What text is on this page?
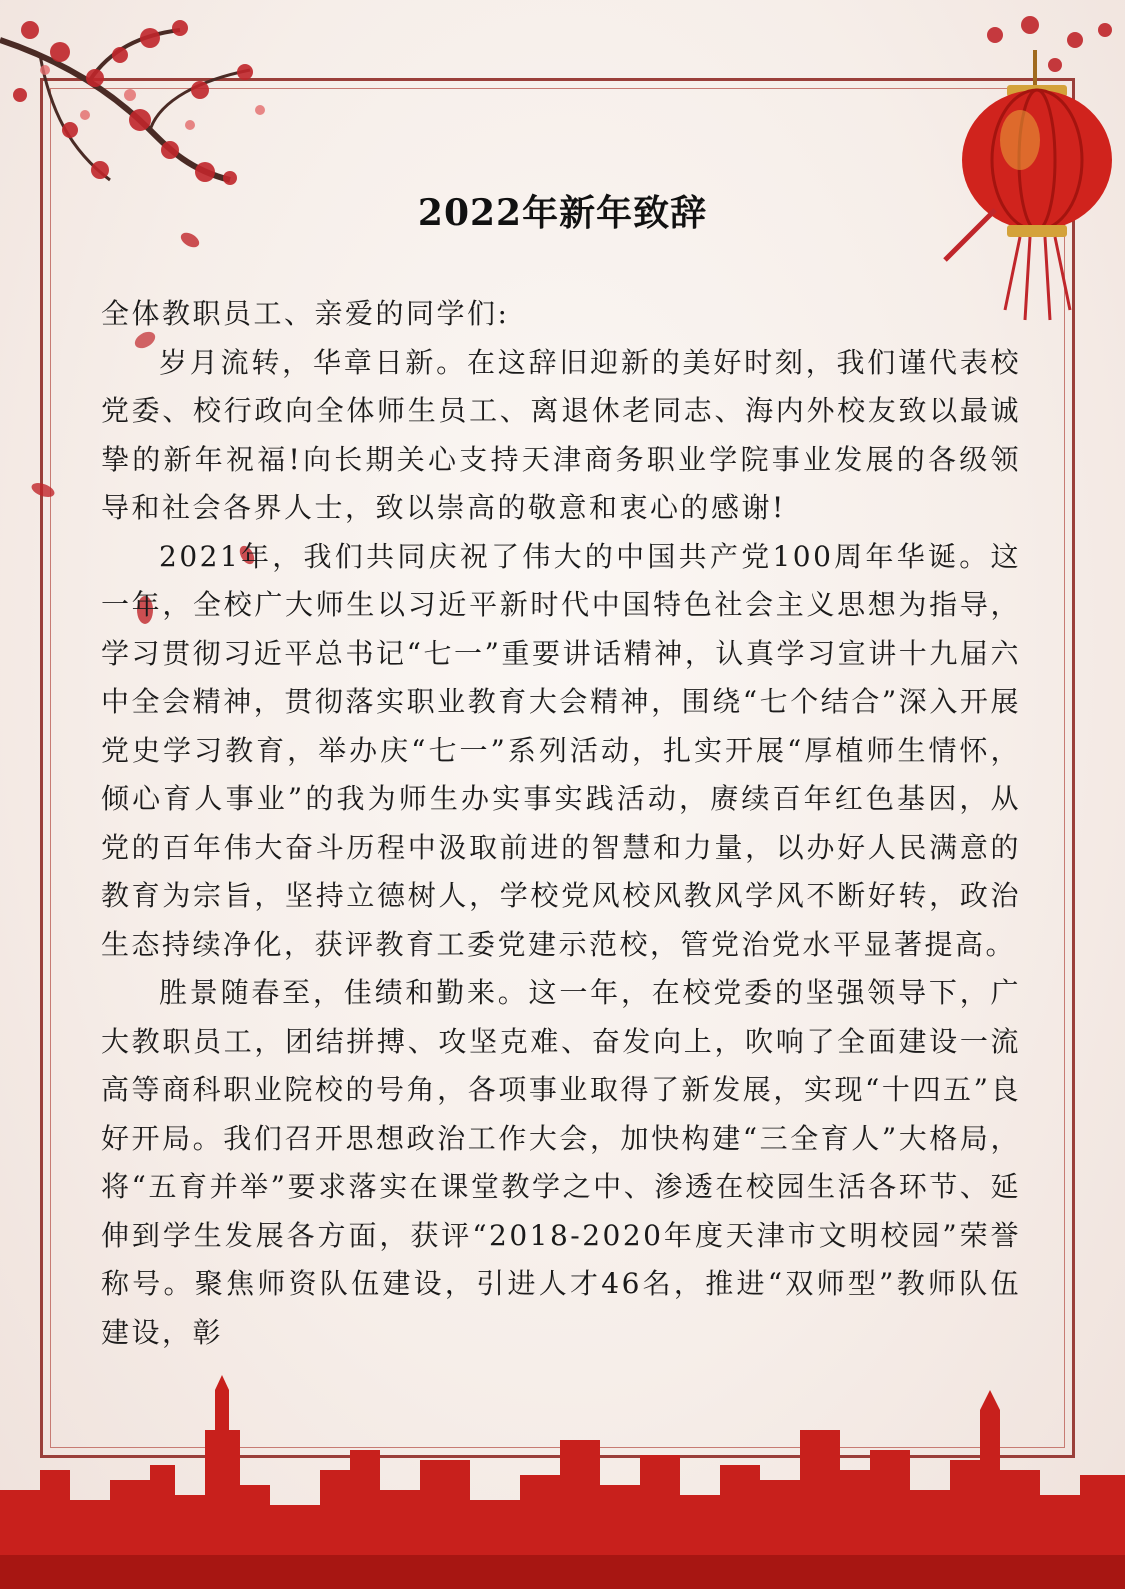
2022年新年致辞

全体教职员工、亲爱的同学们:

岁月流转，华章日新。在这辞旧迎新的美好时刻，我们谨代表校党委、校行政向全体师生员工、离退休老同志、海内外校友致以最诚挚的新年祝福!向长期关心支持天津商务职业学院事业发展的各级领导和社会各界人士，致以崇高的敬意和衷心的感谢!

2021年，我们共同庆祝了伟大的中国共产党100周年华诞。这一年，全校广大师生以习近平新时代中国特色社会主义思想为指导，学习贯彻习近平总书记“七一”重要讲话精神，认真学习宣讲十九届六中全会精神，贯彻落实职业教育大会精神，围绕“七个结合”深入开展党史学习教育，举办庆“七一”系列活动，扎实开展“厚植师生情怀，倾心育人事业”的我为师生办实事实践活动，赓续百年红色基因，从党的百年伟大奋斗历程中汲取前进的智慧和力量，以办好人民满意的教育为宗旨，坚持立德树人，学校党风校风教风学风不断好转，政治生态持续净化，获评教育工委党建示范校，管党治党水平显著提高。

胜景随春至，佳绩和勤来。这一年，在校党委的坚强领导下，广大教职员工，团结拼搏、攻坚克难、奋发向上，吹响了全面建设一流高等商科职业院校的号角，各项事业取得了新发展，实现“十四五”良好开局。我们召开思想政治工作大会，加快构建“三全育人”大格局，将“五育并举”要求落实在课堂教学之中、渗透在校园生活各环节、延伸到学生发展各方面，获评“2018-2020年度天津市文明校园”荣誉称号。聚焦师资队伍建设，引进人才46名，推进“双师型”教师队伍建设，彰
